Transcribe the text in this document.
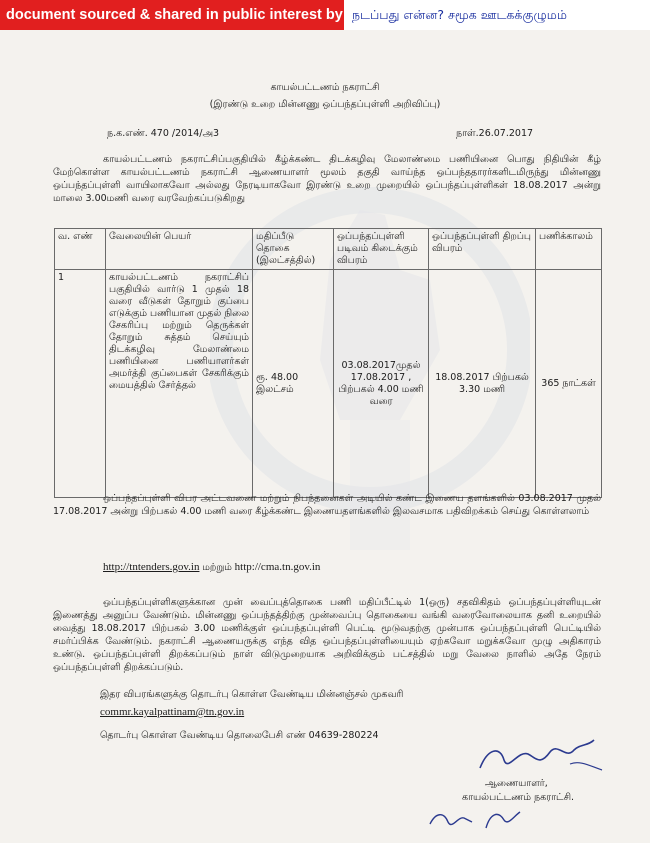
document sourced & shared in public interest by நடப்பது என்ன? சமூக ஊடகக்குழுமம்
காயல்பட்டணம் நகராட்சி
(இரண்டு உறை மின்னணு ஒப்பந்தப்புள்ளி அறிவிப்பு)
ந.க.எண். 470 /2014/அ3	நாள்.26.07.2017
காயல்பட்டணம் நகராட்சிப்பகுதியில் கீழ்க்கண்ட திடக்கழிவு மேலாண்மை பணியினை பொது நிதியின் கீழ் மேற்கொள்ள காயல்பட்டணம் நகராட்சி ஆணையாளர் மூலம் தகுதி வாய்ந்த ஒப்பந்ததாரர்களிடமிருந்து மின்னணு ஒப்பந்தப்புள்ளி வாயிலாகவோ அல்லது நேரடியாகவோ இரண்டு உறை முறையில் ஒப்பந்தப்புள்ளிகள் 18.08.2017 அன்று மாலை 3.00மணி வரை வரவேற்கப்படுகிறது
வ. எண்	வேலையின் பெயர்	மதிப்பீடு தொகை (இலட்சத்தில்)	ஒப்பந்தப்புள்ளி படிவம் கிடைக்கும் விபரம்	ஒப்பந்தப்புள்ளி திறப்பு விபரம்	பணிக்காலம்
1	காயல்பட்டணம் நகராட்சிப் பகுதியில் வார்டு 1 முதல் 18 வரை வீடுகள் தோறும் குப்பை எடுக்கும் பணியான முதல் நிலை சேகரிப்பு மற்றும் தெருக்கள் தோறும் சுத்தம் செய்யும் திடக்கழிவு மேலாண்மை பணியினை பணியாளர்கள் அமர்த்தி குப்பைகள் சேகரிக்கும் மையத்தில் சேர்த்தல்	ரூ. 48.00 இலட்சம்	03.08.2017முதல் 17.08.2017 , பிற்பகல் 4.00 மணி வரை	18.08.2017 பிற்பகல் 3.30 மணி	365 நாட்கள்
ஒப்பந்தப்புள்ளி விபர அட்டவணை மற்றும் நிபந்தனைகள் அடியில் கண்ட இணைய தளங்களில் 03.08.2017 முதல் 17.08.2017 அன்று பிற்பகல் 4.00 மணி வரை கீழ்க்கண்ட இணையதளங்களில் இலவசமாக பதிவிறக்கம் செய்து கொள்ளலாம்
http://tntenders.gov.in மற்றும் http://cma.tn.gov.in
ஒப்பந்தப்புள்ளிகளுக்கான முன் வைப்புத்தொகை பணி மதிப்பீட்டில் 1(ஒரு) சதவிகிதம் ஒப்பந்தப்புள்ளியுடன் இணைத்து அனுப்ப வேண்டும். மின்னணு ஒப்பந்தத்திற்கு முன்வைப்பு தொகையை வங்கி வரைவோலையாக தனி உறையில் வைத்து 18.08.2017 பிற்பகல் 3.00 மணிக்குள் ஒப்பந்தப்புள்ளி பெட்டி மூடுவதற்கு முன்பாக ஒப்பந்தப்புள்ளி பெட்டியில் சமர்ப்பிக்க வேண்டும். நகராட்சி ஆணையருக்கு எந்த வித ஒப்பந்தப்புள்ளியையும் ஏற்கவோ மறுக்கவோ முழு அதிகாரம் உண்டு. ஒப்பந்தப்புள்ளி திறக்கப்படும் நாள் விடுமுறையாக அறிவிக்கும் பட்சத்தில் மறு வேலை நாளில் அதே நேரம் ஒப்பந்தப்புள்ளி திறக்கப்படும்.
இதர விபரங்களுக்கு தொடர்பு கொள்ள வேண்டிய மின்னஞ்சல் முகவரி
commr.kayalpattinam@tn.gov.in
தொடர்பு கொள்ள வேண்டிய தொலைபேசி எண் 04639-280224
ஆணையாளர்,
காயல்பட்டணம் நகராட்சி.
